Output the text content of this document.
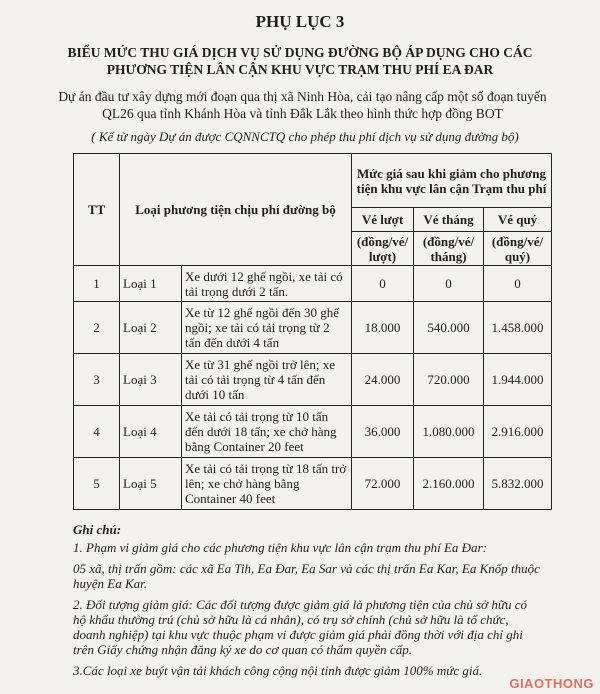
PHỤ LỤC 3
BIỂU MỨC THU GIÁ DỊCH VỤ SỬ DỤNG ĐƯỜNG BỘ ÁP DỤNG CHO CÁC PHƯƠNG TIỆN LÂN CẬN KHU VỰC TRẠM THU PHÍ EA ĐAR
Dự án đầu tư xây dựng mới đoạn qua thị xã Ninh Hòa, cải tạo nâng cấp một số đoạn tuyến QL26 qua tỉnh Khánh Hòa và tỉnh Đắk Lắk theo hình thức hợp đồng BOT
( Kể từ ngày Dự án được CQNNCTQ cho phép thu phí dịch vụ sử dụng đường bộ)
TT	Loại phương tiện chịu phí đường bộ		Mức giá sau khi giảm cho phương tiện khu vực lân cận Trạm thu phí		
			Vé lượt	Vé tháng	Vé quý
			(đồng/vé/ lượt)	(đồng/vé/ tháng)	(đồng/vé/ quý)
1	Loại 1	Xe dưới 12 ghế ngồi, xe tải có tải trọng dưới 2 tấn.	0	0	0
2	Loại 2	Xe từ 12 ghế ngồi đến 30 ghế ngồi; xe tải có tải trọng từ 2 tấn đến dưới 4 tấn	18.000	540.000	1.458.000
3	Loại 3	Xe từ 31 ghế ngồi trở lên; xe tải có tải trọng từ 4 tấn đến dưới 10 tấn	24.000	720.000	1.944.000
4	Loại 4	Xe tải có tải trọng từ 10 tấn đến dưới 18 tấn; xe chở hàng bằng Container 20 feet	36.000	1.080.000	2.916.000
5	Loại 5	Xe tải có tải trọng từ 18 tấn trở lên; xe chở hàng bằng Container 40 feet	72.000	2.160.000	5.832.000
Ghi chú:

1. Phạm vi giảm giá cho các phương tiện khu vực lân cận trạm thu phí Ea Đar:

05 xã, thị trấn gồm: các xã Ea Tih, Ea Đar, Ea Sar và các thị trấn Ea Kar, Ea Knốp thuộc huyện Ea Kar.

2. Đối tượng giảm giá: Các đối tượng được giảm giá là phương tiện của chủ sở hữu có hộ khẩu thường trú (chủ sở hữu là cá nhân), có trụ sở chính (chủ sở hữu là tổ chức, doanh nghiệp) tại khu vực thuộc phạm vi được giảm giá phải đồng thời với địa chỉ ghi trên Giấy chứng nhận đăng ký xe do cơ quan có thẩm quyền cấp.

3.Các loại xe buýt vận tải khách công cộng nội tỉnh được giảm 100% mức giá.

GIAOTHONG
